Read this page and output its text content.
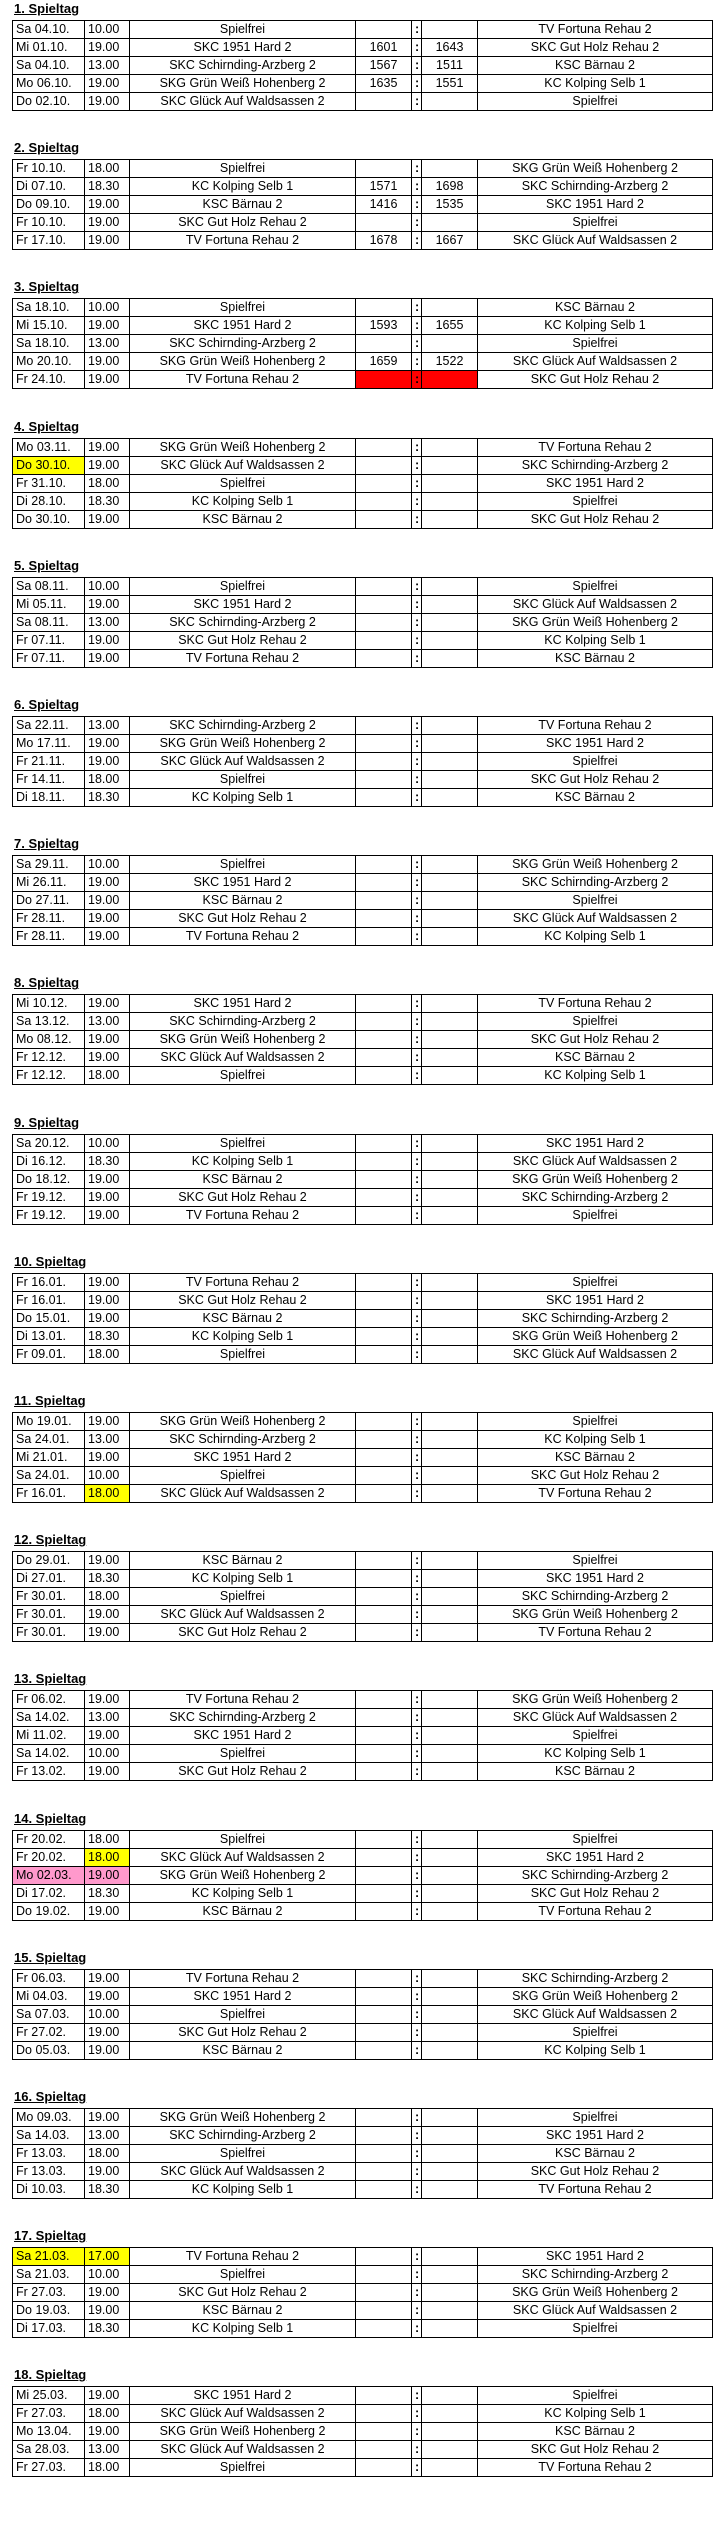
1. Spieltag
Sa 04.10.	10.00	Spielfrei		:		TV Fortuna Rehau 2
Mi 01.10.	19.00	SKC 1951 Hard 2	1601	:	1643	SKC Gut Holz Rehau 2
Sa 04.10.	13.00	SKC Schirnding-Arzberg 2	1567	:	1511	KSC Bärnau 2
Mo 06.10.	19.00	SKG Grün Weiß Hohenberg 2	1635	:	1551	KC Kolping Selb 1
Do 02.10.	19.00	SKC Glück Auf Waldsassen 2		:		Spielfrei
2. Spieltag
Fr 10.10.	18.00	Spielfrei		:		SKG Grün Weiß Hohenberg 2
Di 07.10.	18.30	KC Kolping Selb 1	1571	:	1698	SKC Schirnding-Arzberg 2
Do 09.10.	19.00	KSC Bärnau 2	1416	:	1535	SKC 1951 Hard 2
Fr 10.10.	19.00	SKC Gut Holz Rehau 2		:		Spielfrei
Fr 17.10.	19.00	TV Fortuna Rehau 2	1678	:	1667	SKC Glück Auf Waldsassen 2
3. Spieltag
Sa 18.10.	10.00	Spielfrei		:		KSC Bärnau 2
Mi 15.10.	19.00	SKC 1951 Hard 2	1593	:	1655	KC Kolping Selb 1
Sa 18.10.	13.00	SKC Schirnding-Arzberg 2		:		Spielfrei
Mo 20.10.	19.00	SKG Grün Weiß Hohenberg 2	1659	:	1522	SKC Glück Auf Waldsassen 2
Fr 24.10.	19.00	TV Fortuna Rehau 2		:		SKC Gut Holz Rehau 2
4. Spieltag
Mo 03.11.	19.00	SKG Grün Weiß Hohenberg 2		:		TV Fortuna Rehau 2
Do 30.10.	19.00	SKC Glück Auf Waldsassen 2		:		SKC Schirnding-Arzberg 2
Fr 31.10.	18.00	Spielfrei		:		SKC 1951 Hard 2
Di 28.10.	18.30	KC Kolping Selb 1		:		Spielfrei
Do 30.10.	19.00	KSC Bärnau 2		:		SKC Gut Holz Rehau 2
5. Spieltag
Sa 08.11.	10.00	Spielfrei		:		Spielfrei
Mi 05.11.	19.00	SKC 1951 Hard 2		:		SKC Glück Auf Waldsassen 2
Sa 08.11.	13.00	SKC Schirnding-Arzberg 2		:		SKG Grün Weiß Hohenberg 2
Fr 07.11.	19.00	SKC Gut Holz Rehau 2		:		KC Kolping Selb 1
Fr 07.11.	19.00	TV Fortuna Rehau 2		:		KSC Bärnau 2
6. Spieltag
Sa 22.11.	13.00	SKC Schirnding-Arzberg 2		:		TV Fortuna Rehau 2
Mo 17.11.	19.00	SKG Grün Weiß Hohenberg 2		:		SKC 1951 Hard 2
Fr 21.11.	19.00	SKC Glück Auf Waldsassen 2		:		Spielfrei
Fr 14.11.	18.00	Spielfrei		:		SKC Gut Holz Rehau 2
Di 18.11.	18.30	KC Kolping Selb 1		:		KSC Bärnau 2
7. Spieltag
Sa 29.11.	10.00	Spielfrei		:		SKG Grün Weiß Hohenberg 2
Mi 26.11.	19.00	SKC 1951 Hard 2		:		SKC Schirnding-Arzberg 2
Do 27.11.	19.00	KSC Bärnau 2		:		Spielfrei
Fr 28.11.	19.00	SKC Gut Holz Rehau 2		:		SKC Glück Auf Waldsassen 2
Fr 28.11.	19.00	TV Fortuna Rehau 2		:		KC Kolping Selb 1
8. Spieltag
Mi 10.12.	19.00	SKC 1951 Hard 2		:		TV Fortuna Rehau 2
Sa 13.12.	13.00	SKC Schirnding-Arzberg 2		:		Spielfrei
Mo 08.12.	19.00	SKG Grün Weiß Hohenberg 2		:		SKC Gut Holz Rehau 2
Fr 12.12.	19.00	SKC Glück Auf Waldsassen 2		:		KSC Bärnau 2
Fr 12.12.	18.00	Spielfrei		:		KC Kolping Selb 1
9. Spieltag
Sa 20.12.	10.00	Spielfrei		:		SKC 1951 Hard 2
Di 16.12.	18.30	KC Kolping Selb 1		:		SKC Glück Auf Waldsassen 2
Do 18.12.	19.00	KSC Bärnau 2		:		SKG Grün Weiß Hohenberg 2
Fr 19.12.	19.00	SKC Gut Holz Rehau 2		:		SKC Schirnding-Arzberg 2
Fr 19.12.	19.00	TV Fortuna Rehau 2		:		Spielfrei
10. Spieltag
Fr 16.01.	19.00	TV Fortuna Rehau 2		:		Spielfrei
Fr 16.01.	19.00	SKC Gut Holz Rehau 2		:		SKC 1951 Hard 2
Do 15.01.	19.00	KSC Bärnau 2		:		SKC Schirnding-Arzberg 2
Di 13.01.	18.30	KC Kolping Selb 1		:		SKG Grün Weiß Hohenberg 2
Fr 09.01.	18.00	Spielfrei		:		SKC Glück Auf Waldsassen 2
11. Spieltag
Mo 19.01.	19.00	SKG Grün Weiß Hohenberg 2		:		Spielfrei
Sa 24.01.	13.00	SKC Schirnding-Arzberg 2		:		KC Kolping Selb 1
Mi 21.01.	19.00	SKC 1951 Hard 2		:		KSC Bärnau 2
Sa 24.01.	10.00	Spielfrei		:		SKC Gut Holz Rehau 2
Fr 16.01.	18.00	SKC Glück Auf Waldsassen 2		:		TV Fortuna Rehau 2
12. Spieltag
Do 29.01.	19.00	KSC Bärnau 2		:		Spielfrei
Di 27.01.	18.30	KC Kolping Selb 1		:		SKC 1951 Hard 2
Fr 30.01.	18.00	Spielfrei		:		SKC Schirnding-Arzberg 2
Fr 30.01.	19.00	SKC Glück Auf Waldsassen 2		:		SKG Grün Weiß Hohenberg 2
Fr 30.01.	19.00	SKC Gut Holz Rehau 2		:		TV Fortuna Rehau 2
13. Spieltag
Fr 06.02.	19.00	TV Fortuna Rehau 2		:		SKG Grün Weiß Hohenberg 2
Sa 14.02.	13.00	SKC Schirnding-Arzberg 2		:		SKC Glück Auf Waldsassen 2
Mi 11.02.	19.00	SKC 1951 Hard 2		:		Spielfrei
Sa 14.02.	10.00	Spielfrei		:		KC Kolping Selb 1
Fr 13.02.	19.00	SKC Gut Holz Rehau 2		:		KSC Bärnau 2
14. Spieltag
Fr 20.02.	18.00	Spielfrei		:		Spielfrei
Fr 20.02.	18.00	SKC Glück Auf Waldsassen 2		:		SKC 1951 Hard 2
Mo 02.03.	19.00	SKG Grün Weiß Hohenberg 2		:		SKC Schirnding-Arzberg 2
Di 17.02.	18.30	KC Kolping Selb 1		:		SKC Gut Holz Rehau 2
Do 19.02.	19.00	KSC Bärnau 2		:		TV Fortuna Rehau 2
15. Spieltag
Fr 06.03.	19.00	TV Fortuna Rehau 2		:		SKC Schirnding-Arzberg 2
Mi 04.03.	19.00	SKC 1951 Hard 2		:		SKG Grün Weiß Hohenberg 2
Sa 07.03.	10.00	Spielfrei		:		SKC Glück Auf Waldsassen 2
Fr 27.02.	19.00	SKC Gut Holz Rehau 2		:		Spielfrei
Do 05.03.	19.00	KSC Bärnau 2		:		KC Kolping Selb 1
16. Spieltag
Mo 09.03.	19.00	SKG Grün Weiß Hohenberg 2		:		Spielfrei
Sa 14.03.	13.00	SKC Schirnding-Arzberg 2		:		SKC 1951 Hard 2
Fr 13.03.	18.00	Spielfrei		:		KSC Bärnau 2
Fr 13.03.	19.00	SKC Glück Auf Waldsassen 2		:		SKC Gut Holz Rehau 2
Di 10.03.	18.30	KC Kolping Selb 1		:		TV Fortuna Rehau 2
17. Spieltag
Sa 21.03.	17.00	TV Fortuna Rehau 2		:		SKC 1951 Hard 2
Sa 21.03.	10.00	Spielfrei		:		SKC Schirnding-Arzberg 2
Fr 27.03.	19.00	SKC Gut Holz Rehau 2		:		SKG Grün Weiß Hohenberg 2
Do 19.03.	19.00	KSC Bärnau 2		:		SKC Glück Auf Waldsassen 2
Di 17.03.	18.30	KC Kolping Selb 1		:		Spielfrei
18. Spieltag
Mi 25.03.	19.00	SKC 1951 Hard 2		:		Spielfrei
Fr 27.03.	18.00	SKC Glück Auf Waldsassen 2		:		KC Kolping Selb 1
Mo 13.04.	19.00	SKG Grün Weiß Hohenberg 2		:		KSC Bärnau 2
Sa 28.03.	13.00	SKC Glück Auf Waldsassen 2		:		SKC Gut Holz Rehau 2
Fr 27.03.	18.00	Spielfrei		:		TV Fortuna Rehau 2
